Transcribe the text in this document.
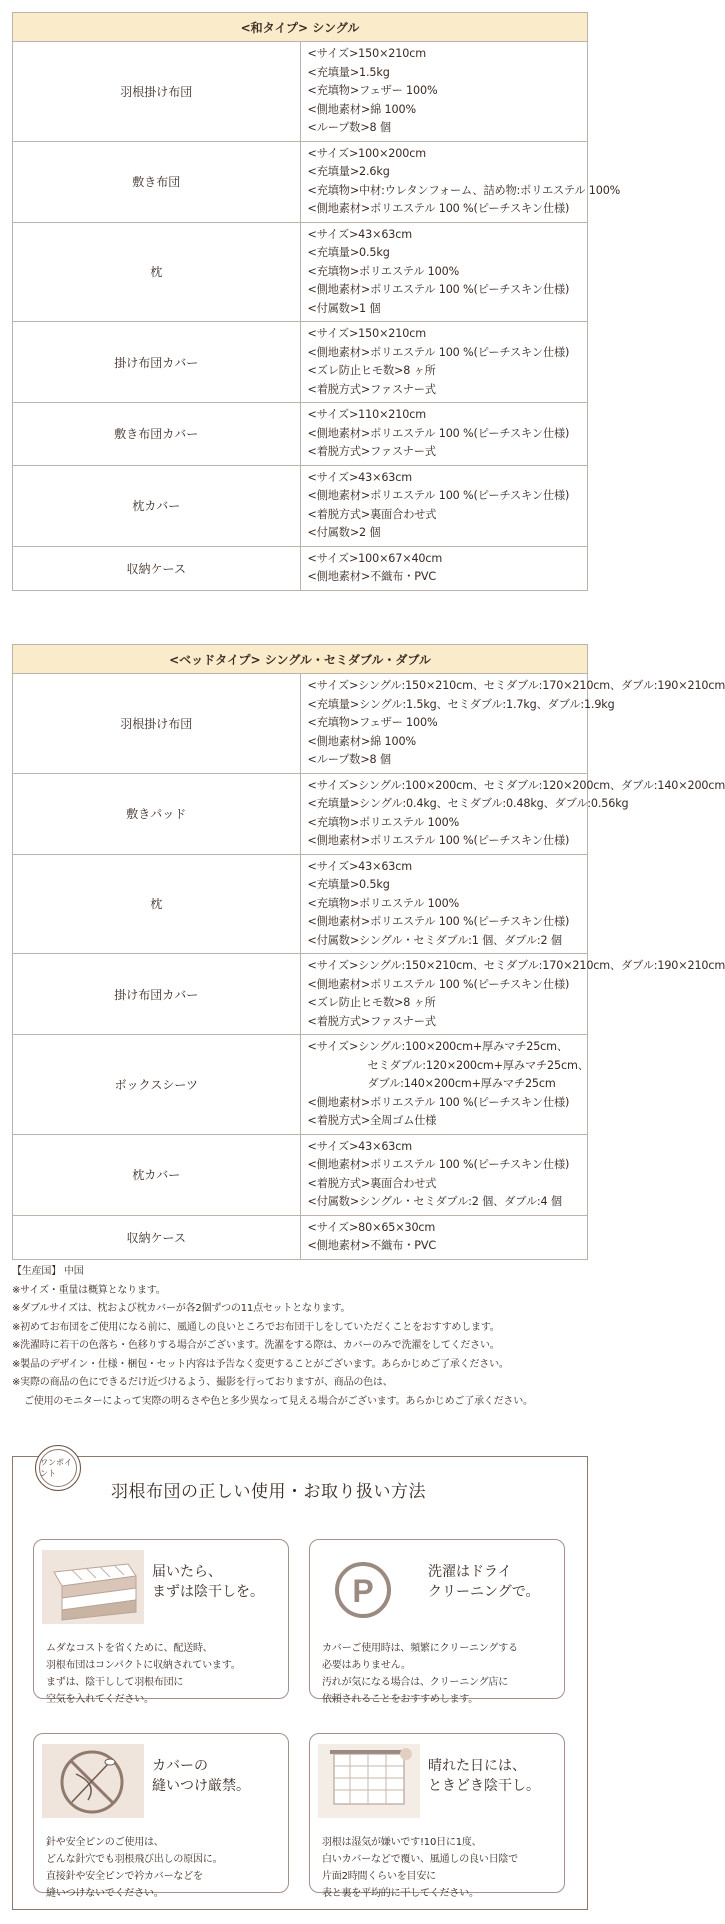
<和タイプ> シングル	
羽根掛け布団	<サイズ>150×210cm
<充填量>1.5kg
<充填物>フェザー 100%
<側地素材>綿 100%
<ループ数>8 個

敷き布団	<サイズ>100×200cm
<充填量>2.6kg
<充填物>中材:ウレタンフォーム、詰め物:ポリエステル 100%
<側地素材>ポリエステル 100 %(ピーチスキン仕様)

枕	<サイズ>43×63cm
<充填量>0.5kg
<充填物>ポリエステル 100%
<側地素材>ポリエステル 100 %(ピーチスキン仕様)
<付属数>1 個

掛け布団カバー	<サイズ>150×210cm
<側地素材>ポリエステル 100 %(ピーチスキン仕様)
<ズレ防止ヒモ数>8 ヶ所
<着脱方式>ファスナー式

敷き布団カバー	<サイズ>110×210cm
<側地素材>ポリエステル 100 %(ピーチスキン仕様)
<着脱方式>ファスナー式

枕カバー	<サイズ>43×63cm
<側地素材>ポリエステル 100 %(ピーチスキン仕様)
<着脱方式>裏面合わせ式
<付属数>2 個

収納ケース	<サイズ>100×67×40cm
<側地素材>不織布・PVC
<ベッドタイプ> シングル・セミダブル・ダブル	
羽根掛け布団	<サイズ>シングル:150×210cm、セミダブル:170×210cm、ダブル:190×210cm
<充填量>シングル:1.5kg、セミダブル:1.7kg、ダブル:1.9kg
<充填物>フェザー 100%
<側地素材>綿 100%
<ループ数>8 個

敷きパッド	<サイズ>シングル:100×200cm、セミダブル:120×200cm、ダブル:140×200cm
<充填量>シングル:0.4kg、セミダブル:0.48kg、ダブル:0.56kg
<充填物>ポリエステル 100%
<側地素材>ポリエステル 100 %(ピーチスキン仕様)

枕	<サイズ>43×63cm
<充填量>0.5kg
<充填物>ポリエステル 100%
<側地素材>ポリエステル 100 %(ピーチスキン仕様)
<付属数>シングル・セミダブル:1 個、ダブル:2 個

掛け布団カバー	<サイズ>シングル:150×210cm、セミダブル:170×210cm、ダブル:190×210cm
<側地素材>ポリエステル 100 %(ピーチスキン仕様)
<ズレ防止ヒモ数>8 ヶ所
<着脱方式>ファスナー式

ボックスシーツ	<サイズ>シングル:100×200cm+厚みマチ25cm、
セミダブル:120×200cm+厚みマチ25cm、
ダブル:140×200cm+厚みマチ25cm
<側地素材>ポリエステル 100 %(ピーチスキン仕様)
<着脱方式>全周ゴム仕様

枕カバー	<サイズ>43×63cm
<側地素材>ポリエステル 100 %(ピーチスキン仕様)
<着脱方式>裏面合わせ式
<付属数>シングル・セミダブル:2 個、ダブル:4 個

収納ケース	<サイズ>80×65×30cm
<側地素材>不織布・PVC
【生産国】 中国
※サイズ・重量は概算となります。
※ダブルサイズは、枕および枕カバーが各2個ずつの11点セットとなります。
※初めてお布団をご使用になる前に、風通しの良いところでお布団干しをしていただくことをおすすめします。
※洗濯時に若干の色落ち・色移りする場合がございます。洗濯をする際は、カバーのみで洗濯をしてください。
※製品のデザイン・仕様・梱包・セット内容は予告なく変更することがございます。あらかじめご了承ください。
※実際の商品の色にできるだけ近づけるよう、撮影を行っておりますが、商品の色は、
ご使用のモニターによって実際の明るさや色と多少異なって見える場合がございます。あらかじめご了承ください。
ワンポイント
羽根布団の正しい使用・お取り扱い方法
届いたら、
まずは陰干しを。
ムダなコストを省くために、配送時、
羽根布団はコンパクトに収納されています。
まずは、陰干しして羽根布団に
空気を入れてください。
P
洗濯はドライ
クリーニングで。
カバーご使用時は、頻繁にクリーニングする
必要はありません。
汚れが気になる場合は、クリーニング店に
依頼されることをおすすめします。
カバーの
縫いつけ厳禁。
針や安全ピンのご使用は、
どんな針穴でも羽根飛び出しの原因に。
直接針や安全ピンで衿カバーなどを
縫いつけないでください。
晴れた日には、
ときどき陰干し。
羽根は湿気が嫌いです!10日に1度、
白いカバーなどで覆い、風通しの良い日陰で
片面2時間くらいを目安に
表と裏を平均的に干してください。
